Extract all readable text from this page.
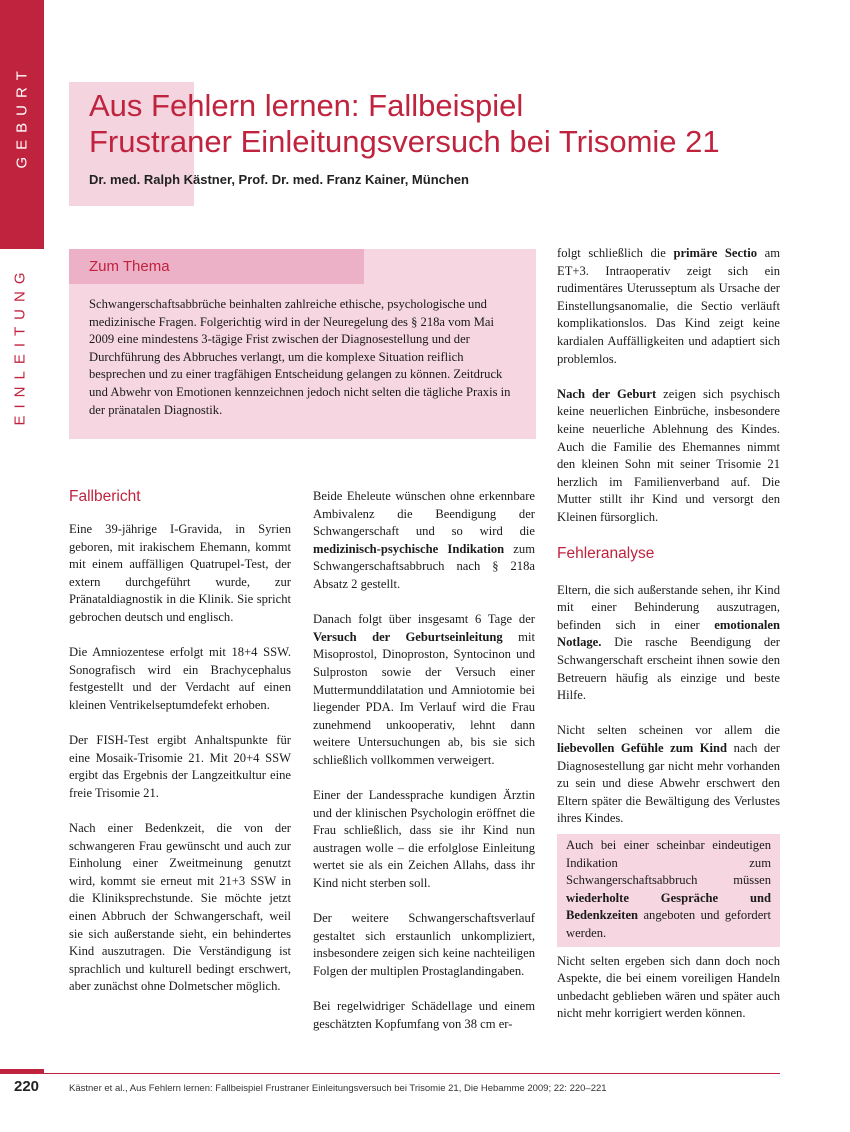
GEBURT
EINLEITUNG
Aus Fehlern lernen: Fallbeispiel
Frustraner Einleitungsversuch bei Trisomie 21
Dr. med. Ralph Kästner, Prof. Dr. med. Franz Kainer, München
Zum Thema
Schwangerschaftsabbrüche beinhalten zahlreiche ethische, psychologische und medizinische Fragen. Folgerichtig wird in der Neuregelung des § 218a vom Mai 2009 eine mindestens 3-tägige Frist zwischen der Diagnosestellung und der Durchführung des Abbruches verlangt, um die komplexe Situation reiflich besprechen und zu einer tragfähigen Entscheidung gelangen zu können. Zeitdruck und Abwehr von Emotionen kennzeichnen jedoch nicht selten die tägliche Praxis in der pränatalen Diagnostik.
Fallbericht

Eine 39-jährige I-Gravida, in Syrien geboren, mit irakischem Ehemann, kommt mit einem auffälligen Quatrupel-Test, der extern durchgeführt wurde, zur Pränataldiagnostik in die Klinik. Sie spricht gebrochen deutsch und englisch.

Die Amniozentese erfolgt mit 18+4 SSW. Sonografisch wird ein Brachycephalus festgestellt und der Verdacht auf einen kleinen Ventrikelseptumdefekt erhoben.

Der FISH-Test ergibt Anhaltspunkte für eine Mosaik-Trisomie 21. Mit 20+4 SSW ergibt das Ergebnis der Langzeitkultur eine freie Trisomie 21.

Nach einer Bedenkzeit, die von der schwangeren Frau gewünscht und auch zur Einholung einer Zweitmeinung genutzt wird, kommt sie erneut mit 21+3 SSW in die Kliniksprechstunde. Sie möchte jetzt einen Abbruch der Schwangerschaft, weil sie sich außerstande sieht, ein behindertes Kind auszutragen. Die Verständigung ist sprachlich und kulturell bedingt erschwert, aber zunächst ohne Dolmetscher möglich.

Beide Eheleute wünschen ohne erkennbare Ambivalenz die Beendigung der Schwangerschaft und so wird die medizinisch-psychische Indikation zum Schwangerschaftsabbruch nach § 218a Absatz 2 gestellt.

Danach folgt über insgesamt 6 Tage der Versuch der Geburtseinleitung mit Misoprostol, Dinoproston, Syntocinon und Sulproston sowie der Versuch einer Muttermunddilatation und Amniotomie bei liegender PDA. Im Verlauf wird die Frau zunehmend unkooperativ, lehnt dann weitere Untersuchungen ab, bis sie sich schließlich vollkommen verweigert.

Einer der Landessprache kundigen Ärztin und der klinischen Psychologin eröffnet die Frau schließlich, dass sie ihr Kind nun austragen wolle – die erfolglose Einleitung wertet sie als ein Zeichen Allahs, dass ihr Kind nicht sterben soll.

Der weitere Schwangerschaftsverlauf gestaltet sich erstaunlich unkompliziert, insbesondere zeigen sich keine nachteiligen Folgen der multiplen Prostaglandingaben.

Bei regelwidriger Schädellage und einem geschätzten Kopfumfang von 38 cm er-

folgt schließlich die primäre Sectio am ET+3. Intraoperativ zeigt sich ein rudimentäres Uterusseptum als Ursache der Einstellungsanomalie, die Sectio verläuft komplikationslos. Das Kind zeigt keine kardialen Auffälligkeiten und adaptiert sich problemlos.

Nach der Geburt zeigen sich psychisch keine neuerlichen Einbrüche, insbesondere keine neuerliche Ablehnung des Kindes. Auch die Familie des Ehemannes nimmt den kleinen Sohn mit seiner Trisomie 21 herzlich im Familienverband auf. Die Mutter stillt ihr Kind und versorgt den Kleinen fürsorglich.

Fehleranalyse

Eltern, die sich außerstande sehen, ihr Kind mit einer Behinderung auszutragen, befinden sich in einer emotionalen Notlage. Die rasche Beendigung der Schwangerschaft erscheint ihnen sowie den Betreuern häufig als einzige und beste Hilfe.

Nicht selten scheinen vor allem die liebevollen Gefühle zum Kind nach der Diagnosestellung gar nicht mehr vorhanden zu sein und diese Abwehr erschwert den Eltern später die Bewältigung des Verlustes ihres Kindes.

Auch bei einer scheinbar eindeutigen Indikation zum Schwangerschaftsabbruch müssen wiederholte Gespräche und Bedenkzeiten angeboten und gefordert werden.

Nicht selten ergeben sich dann doch noch Aspekte, die bei einem voreiligen Handeln unbedacht geblieben wären und später auch nicht mehr korrigiert werden können.

220	Kästner et al., Aus Fehlern lernen: Fallbeispiel Frustraner Einleitungsversuch bei Trisomie 21, Die Hebamme 2009; 22: 220–221
